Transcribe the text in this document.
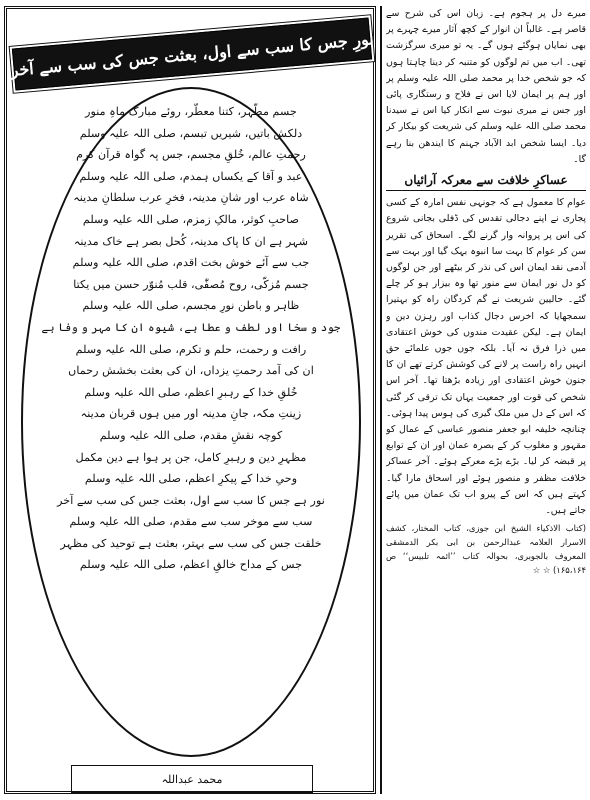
نورِ جس کا سب سے اول، بعثت جس کی سب سے آخر
جسم مطّہر، کتنا معطّر، روئے مبارک ماہِ منور
دلکش باتیں، شیریں تبسم، صلی اللہ علیہ وسلم
رحمتِ عالم، خُلقِ مجسم، جس پہ گواہ قرآن کرم
عبد و آقا کے یکساں ہمدم، صلی اللہ علیہ وسلم
شاہ عرب اور شانِ مدینہ، فخرِ عرب سلطانِ مدینہ
صاحبِ کوثر، مالکِ زمزم، صلی اللہ علیہ وسلم
شہر ہے ان کا پاک مدینہ، کُحل بصر ہے خاک مدینہ
جب سے آئے خوش بخت اقدم، صلی اللہ علیہ وسلم
جسم مُزکّی، روح مُصفّٰی، قلب مُنوّر حسن میں یکتا
ظاہر و باطن نورِ مجسم، صلی اللہ علیہ وسلم
جود و سخا اور لطف و عطا ہے، شیوہ ان کا مہر و وفا ہے
رافت و رحمت، حلم و تکرم، صلی اللہ علیہ وسلم
ان کی آمد رحمتِ یزداں، ان کی بعثت بخشش رحماں
خُلقِ خدا کے رہبرِ اعظم، صلی اللہ علیہ وسلم
زینتِ مکہ، جانِ مدینہ اور میں ہوں قربان مدینہ
کوچہ نقشِ مقدم، صلی اللہ علیہ وسلم
مظہرِ دین و رہبرِ کامل، جن پر ہوا ہے دین مکمل
وحیِ خدا کے پیکرِ اعظم، صلی اللہ علیہ وسلم
نور ہے جس کا سب سے اول، بعثت جس کی سب سے آخر
سب سے موخر سب سے مقدم، صلی اللہ علیہ وسلم
خلقت جس کی سب سے بہتر، بعثت ہے توحید کی مظہر
جس کے مداح خالقِ اعظم، صلی اللہ علیہ وسلم
محمد عبداللہ

میرے دل پر ہجوم ہے۔ زبان اس کی شرح سے قاصر ہے۔ غالباً ان انوار کے کچھ آثار میرے چہرے پر بھی نمایاں ہوگئے ہوں گے۔ یہ تو میری سرگزشت تھی۔ اب میں تم لوگوں کو متنبہ کر دینا چاہتا ہوں کہ جو شخص خدا پر محمد صلی اللہ علیہ وسلم پر اور ہم پر ایمان لایا اس نے فلاح و رستگاری پائی اور جس نے میری نبوت سے انکار کیا اس نے سیدنا محمد صلی اللہ علیہ وسلم کی شریعت کو بیکار کر دیا۔ ایسا شخص ابد الآباد جہنم کا ایندھن بنا رہے گا۔

عساکرِ خلافت سے معرکہ آرائیاں

عوام کا معمول ہے کہ جونہی نفس امارہ کے کسی پجاری نے اپنے دجالی تقدس کی ڈفلی بجانی شروع کی اس پر پروانہ وار گرنے لگے۔ اسحاق کی تقریر سن کر عوام کا بہت سا انبوہ بہک گیا اور بہت سے آدمی نقد ایمان اس کی نذر کر بیٹھے اور جن لوگوں کو دل نور ایمان سے منور تھا وہ بیزار ہو کر چلے گئے۔ حالیین شریعت نے گم کردگان راہ کو بہتیرا سمجھایا کہ اخرس دجال کذاب اور رہزن دین و ایمان ہے۔ لیکن عقیدت مندوں کی خوش اعتقادی میں ذرا فرق نہ آیا۔ بلکہ جوں جوں علمائے حق انہیں راہ راست پر لانے کی کوشش کرتے تھے ان کا جنون خوش اعتقادی اور زیادہ بڑھتا تھا۔ آخر اس شخص کی قوت اور جمعیت یہاں تک ترقی کر گئی کہ اس کے دل میں ملک گیری کی ہوس پیدا ہوئی۔ چنانچہ خلیفہ ابو جعفر منصور عباسی کے عمال کو مقہور و مغلوب کر کے بصرہ عمان اور ان کے توابع پر قبضہ کر لیا۔ بڑے بڑے معرکے ہوئے۔ آخر عساکر خلافت مظفر و منصور ہوئے اور اسحاق مارا گیا۔ کہتے ہیں کہ اس کے پیرو اب تک عمان میں پائے جاتے ہیں۔

(کتاب الاذکیاء الشیخ ابن جوزی، کتاب المختار، کشف الاسرار العلامہ عبدالرحمن بن ابی بکر الدمشقی المعروف بالجوبری، بحوالہ کتاب ’’ائمہ تلبیس‘‘ ص ۱۶۵،۱۶۴) ☆ ☆
